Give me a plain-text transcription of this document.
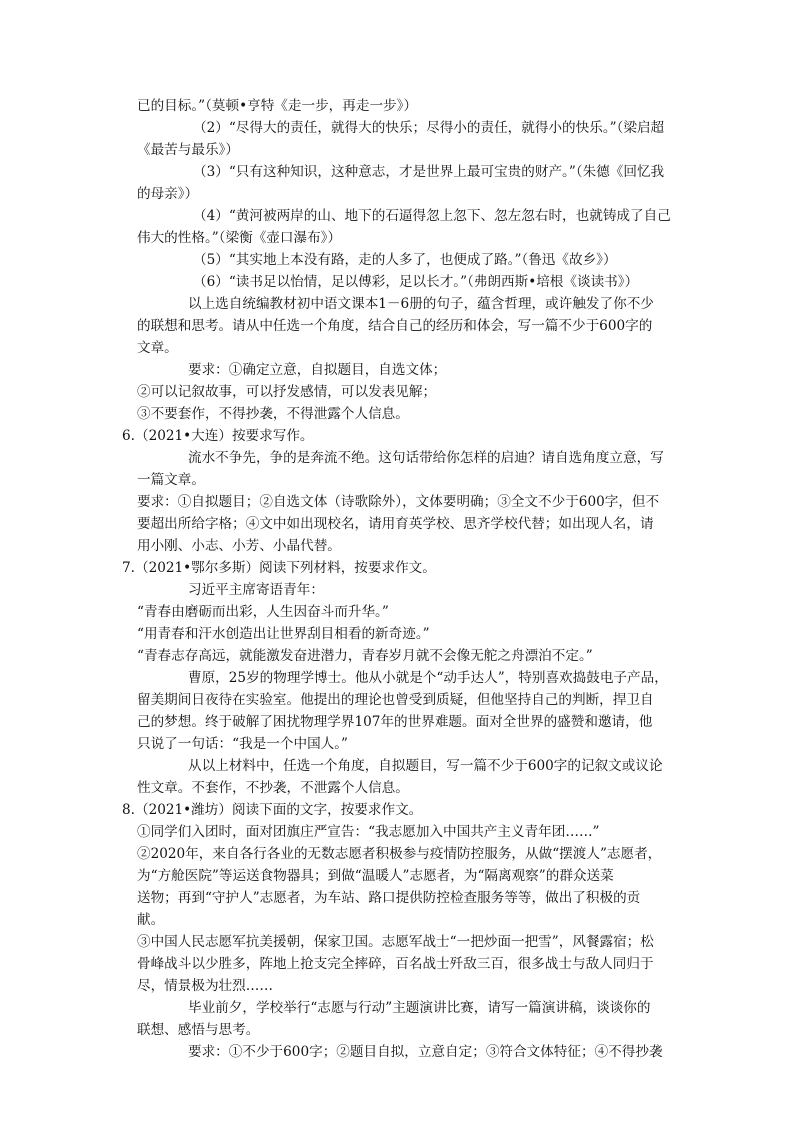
已的目标。”（莫顿•亨特《走一步，再走一步》）
（2）“尽得大的责任，就得大的快乐；尽得小的责任，就得小的快乐。”（梁启超
《最苦与最乐》）
（3）“只有这种知识，这种意志，才是世界上最可宝贵的财产。”（朱德《回忆我
的母亲》）
（4）“黄河被两岸的山、地下的石逼得忽上忽下、忽左忽右时，也就铸成了自己
伟大的性格。”（梁衡《壶口瀑布》）
（5）“其实地上本没有路，走的人多了，也便成了路。”（鲁迅《故乡》）
（6）“读书足以怡情，足以傅彩，足以长才。”（弗朗西斯•培根《谈读书》）
以上选自统编教材初中语文课本1－6册的句子，蕴含哲理，或许触发了你不少
的联想和思考。请从中任选一个角度，结合自己的经历和体会，写一篇不少于600字的
文章。
要求：①确定立意，自拟题目，自选文体；
②可以记叙故事，可以抒发感情，可以发表见解；
③不要套作，不得抄袭，不得泄露个人信息。
6.（2021•大连）按要求写作。
流水不争先，争的是奔流不绝。这句话带给你怎样的启迪？请自选角度立意，写
一篇文章。
要求：①自拟题目；②自选文体（诗歌除外），文体要明确；③全文不少于600字，但不
要超出所给字格；④文中如出现校名，请用育英学校、思齐学校代替；如出现人名，请
用小刚、小志、小芳、小晶代替。
7.（2021•鄂尔多斯）阅读下列材料，按要求作文。
习近平主席寄语青年：
“青春由磨砺而出彩，人生因奋斗而升华。”
“用青春和汗水创造出让世界刮目相看的新奇迹。”
“青春志存高远，就能激发奋进潜力，青春岁月就不会像无舵之舟漂泊不定。”
曹原，25岁的物理学博士。他从小就是个“动手达人”，特别喜欢捣鼓电子产品，
留美期间日夜待在实验室。他提出的理论也曾受到质疑，但他坚持自己的判断，捍卫自
己的梦想。终于破解了困扰物理学界107年的世界难题。面对全世界的盛赞和邀请，他
只说了一句话：“我是一个中国人。”
从以上材料中，任选一个角度，自拟题目，写一篇不少于600字的记叙文或议论
性文章。不套作，不抄袭，不泄露个人信息。
8.（2021•潍坊）阅读下面的文字，按要求作文。
①同学们入团时，面对团旗庄严宣告：“我志愿加入中国共产主义青年团……”
②2020年，来自各行各业的无数志愿者积极参与疫情防控服务，从做“摆渡人”志愿者，
为“方舱医院”等运送食物器具；到做“温暖人”志愿者，为“隔离观察”的群众送菜
送物；再到“守护人”志愿者，为车站、路口提供防控检查服务等等，做出了积极的贡
献。
③中国人民志愿军抗美援朝，保家卫国。志愿军战士“一把炒面一把雪”，风餐露宿；松
骨峰战斗以少胜多，阵地上抢支完全摔碎，百名战士歼敌三百，很多战士与敌人同归于
尽，情景极为壮烈……
毕业前夕，学校举行“志愿与行动”主题演讲比赛，请写一篇演讲稿，谈谈你的
联想、感悟与思考。
要求：①不少于600字；②题目自拟，立意自定；③符合文体特征；④不得抄袭
